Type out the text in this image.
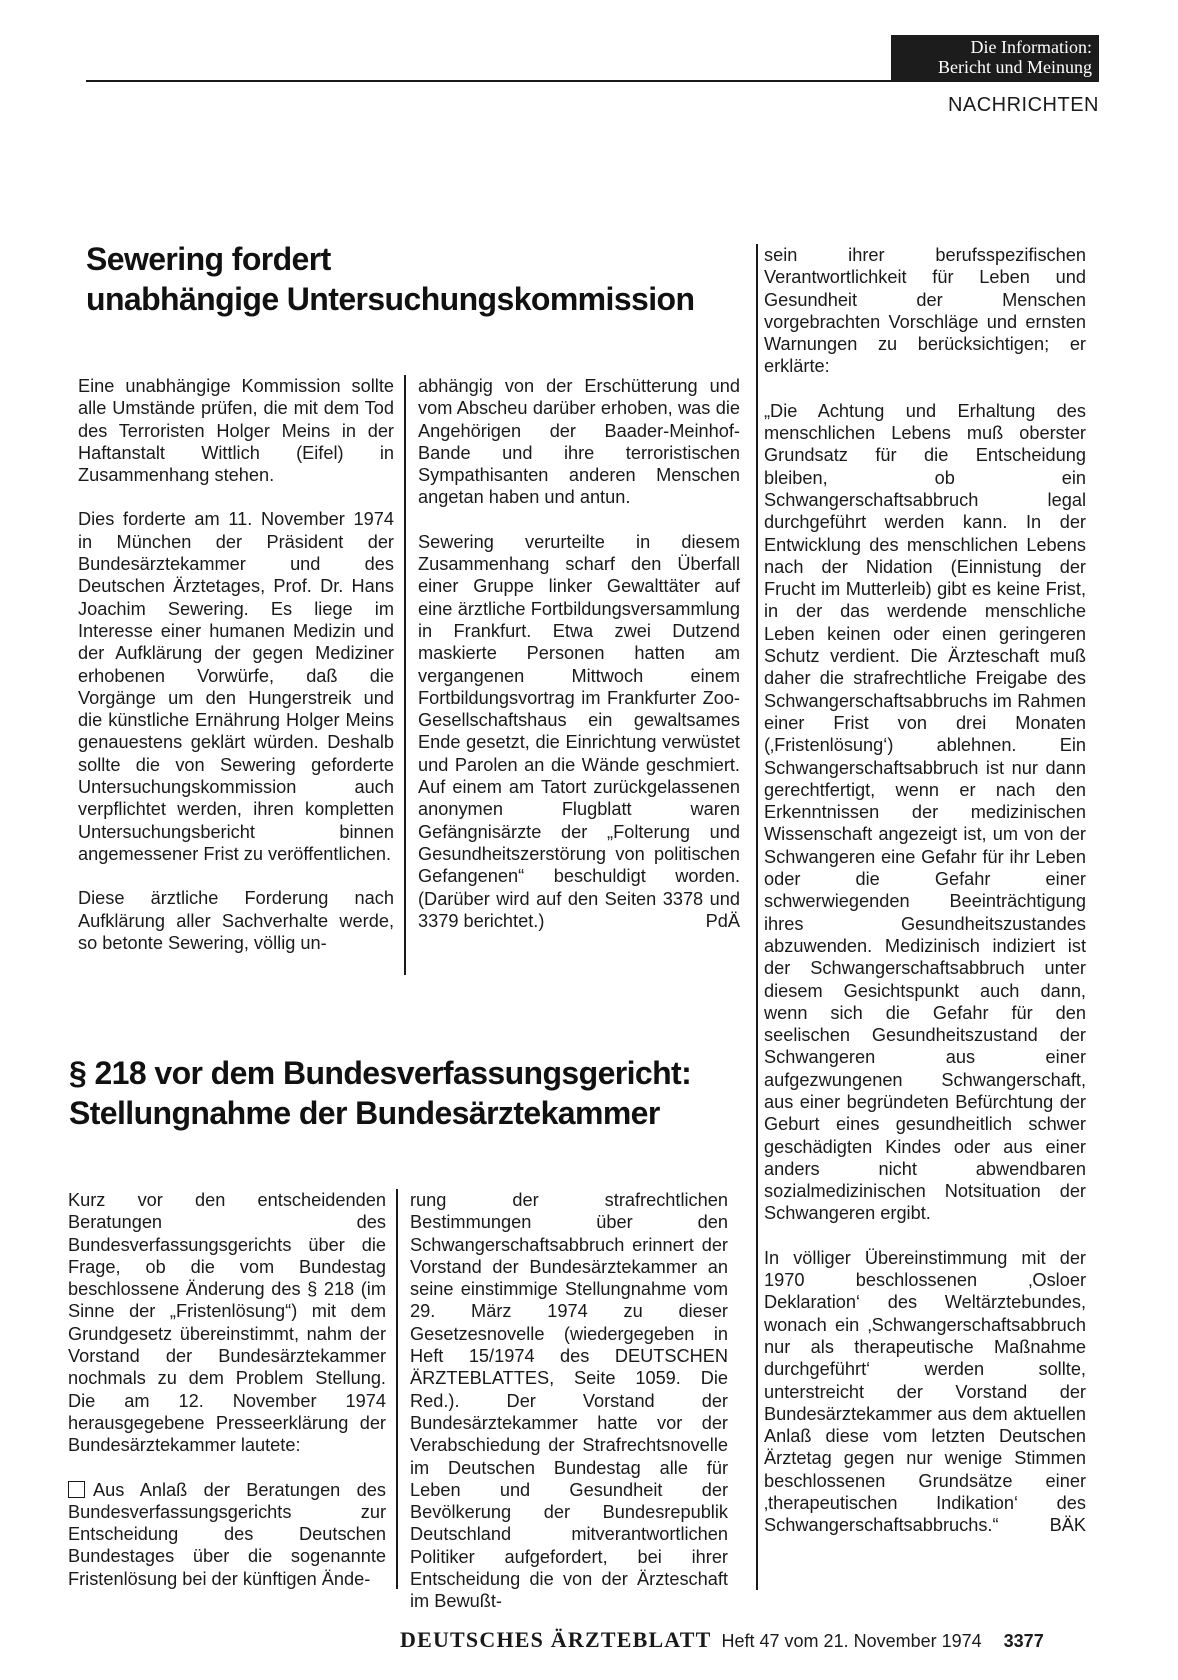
Die Information:
Bericht und Meinung
NACHRICHTEN
Sewering fordert
unabhängige Untersuchungskommission

Eine unabhängige Kommission sollte alle Umstände prüfen, die mit dem Tod des Terroristen Holger Meins in der Haftanstalt Wittlich (Eifel) in Zusammenhang stehen.

Dies forderte am 11. November 1974 in München der Präsident der Bundesärztekammer und des Deutschen Ärztetages, Prof. Dr. Hans Joachim Sewering. Es liege im Interesse einer humanen Medizin und der Aufklärung der gegen Mediziner erhobenen Vorwürfe, daß die Vorgänge um den Hungerstreik und die künstliche Ernährung Holger Meins genauestens geklärt würden. Deshalb sollte die von Sewering geforderte Untersuchungskommission auch verpflichtet werden, ihren kompletten Untersuchungsbericht binnen angemessener Frist zu veröffentlichen.

Diese ärztliche Forderung nach Aufklärung aller Sachverhalte werde, so betonte Sewering, völlig un-

abhängig von der Erschütterung und vom Abscheu darüber erhoben, was die Angehörigen der Baader-Meinhof-Bande und ihre terroristischen Sympathisanten anderen Menschen angetan haben und antun.

Sewering verurteilte in diesem Zusammenhang scharf den Überfall einer Gruppe linker Gewalttäter auf eine ärztliche Fortbildungsversammlung in Frankfurt. Etwa zwei Dutzend maskierte Personen hatten am vergangenen Mittwoch einem Fortbildungsvortrag im Frankfurter Zoo-Gesellschaftshaus ein gewaltsames Ende gesetzt, die Einrichtung verwüstet und Parolen an die Wände geschmiert. Auf einem am Tatort zurückgelassenen anonymen Flugblatt waren Gefängnisärzte der „Folterung und Gesundheitszerstörung von politischen Gefangenen“ beschuldigt worden. (Darüber wird auf den Seiten 3378 und 3379 berichtet.)	PdÄ

§ 218 vor dem Bundesverfassungsgericht:
Stellungnahme der Bundesärztekammer

Kurz vor den entscheidenden Beratungen des Bundesverfassungsgerichts über die Frage, ob die vom Bundestag beschlossene Änderung des § 218 (im Sinne der „Fristenlösung“) mit dem Grundgesetz übereinstimmt, nahm der Vorstand der Bundesärztekammer nochmals zu dem Problem Stellung. Die am 12. November 1974 herausgegebene Presseerklärung der Bundesärztekammer lautete:

Aus Anlaß der Beratungen des Bundesverfassungsgerichts zur Entscheidung des Deutschen Bundestages über die sogenannte Fristenlösung bei der künftigen Ände-

rung der strafrechtlichen Bestimmungen über den Schwangerschaftsabbruch erinnert der Vorstand der Bundesärztekammer an seine einstimmige Stellungnahme vom 29. März 1974 zu dieser Gesetzesnovelle (wiedergegeben in Heft 15/1974 des DEUTSCHEN ÄRZTEBLATTES, Seite 1059. Die Red.). Der Vorstand der Bundesärztekammer hatte vor der Verabschiedung der Strafrechtsnovelle im Deutschen Bundestag alle für Leben und Gesundheit der Bevölkerung der Bundesrepublik Deutschland mitverantwortlichen Politiker aufgefordert, bei ihrer Entscheidung die von der Ärzteschaft im Bewußt-

sein ihrer berufsspezifischen Verantwortlichkeit für Leben und Gesundheit der Menschen vorgebrachten Vorschläge und ernsten Warnungen zu berücksichtigen; er erklärte:

„Die Achtung und Erhaltung des menschlichen Lebens muß oberster Grundsatz für die Entscheidung bleiben, ob ein Schwangerschaftsabbruch legal durchgeführt werden kann. In der Entwicklung des menschlichen Lebens nach der Nidation (Einnistung der Frucht im Mutterleib) gibt es keine Frist, in der das werdende menschliche Leben keinen oder einen geringeren Schutz verdient. Die Ärzteschaft muß daher die strafrechtliche Freigabe des Schwangerschaftsabbruchs im Rahmen einer Frist von drei Monaten (‚Fristenlösung‘) ablehnen. Ein Schwangerschaftsabbruch ist nur dann gerechtfertigt, wenn er nach den Erkenntnissen der medizinischen Wissenschaft angezeigt ist, um von der Schwangeren eine Gefahr für ihr Leben oder die Gefahr einer schwerwiegenden Beeinträchtigung ihres Gesundheitszustandes abzuwenden. Medizinisch indiziert ist der Schwangerschaftsabbruch unter diesem Gesichtspunkt auch dann, wenn sich die Gefahr für den seelischen Gesundheitszustand der Schwangeren aus einer aufgezwungenen Schwangerschaft, aus einer begründeten Befürchtung der Geburt eines gesundheitlich schwer geschädigten Kindes oder aus einer anders nicht abwendbaren sozialmedizinischen Notsituation der Schwangeren ergibt.

In völliger Übereinstimmung mit der 1970 beschlossenen ‚Osloer Deklaration‘ des Weltärztebundes, wonach ein ‚Schwangerschaftsabbruch nur als therapeutische Maßnahme durchgeführt‘ werden sollte, unterstreicht der Vorstand der Bundesärztekammer aus dem aktuellen Anlaß diese vom letzten Deutschen Ärztetag gegen nur wenige Stimmen beschlossenen Grundsätze einer ‚therapeutischen Indikation‘ des Schwangerschaftsabbruchs.“	BÄK

DEUTSCHES ÄRZTEBLATT Heft 47 vom 21. November 1974 3377
